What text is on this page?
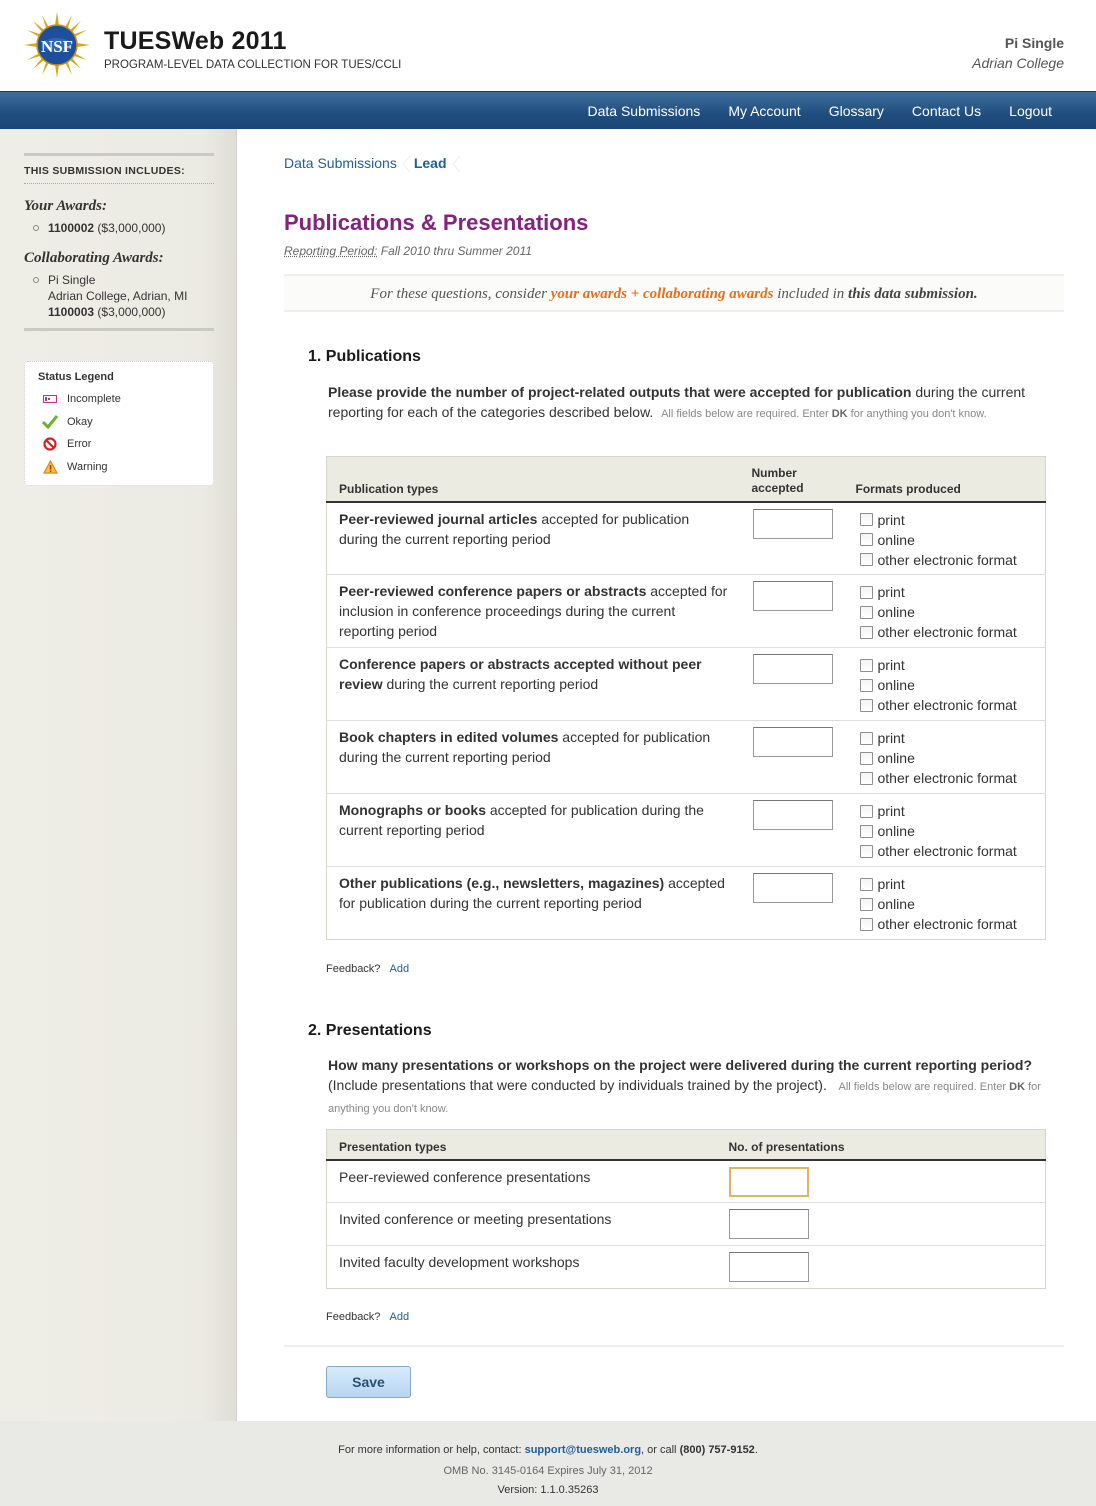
NSF TUESWeb 2011
PROGRAM-LEVEL DATA COLLECTION FOR TUES/CCLI
Pi Single
Adrian College
Data Submissions	My Account	Glossary	Contact Us	Logout
THIS SUBMISSION INCLUDES:
Your Awards:
1100002 ($3,000,000)
Collaborating Awards:
Pi Single
Adrian College, Adrian, MI
1100003 ($3,000,000)
Status Legend
Incomplete
Okay
Error
Warning
Data Submissions	Lead
Publications & Presentations
Reporting Period: Fall 2010 thru Summer 2011
For these questions, consider your awards + collaborating awards included in this data submission.
1. Publications
Please provide the number of project-related outputs that were accepted for publication during the current reporting for each of the categories described below. All fields below are required. Enter DK for anything you don't know.
Publication types	Number accepted	Formats produced
Peer-reviewed journal articles accepted for publication during the current reporting period		print
online
other electronic format

Peer-reviewed conference papers or abstracts accepted for inclusion in conference proceedings during the current reporting period		print
online
other electronic format

Conference papers or abstracts accepted without peer review during the current reporting period		print
online
other electronic format

Book chapters in edited volumes accepted for publication during the current reporting period		print
online
other electronic format

Monographs or books accepted for publication during the current reporting period		print
online
other electronic format

Other publications (e.g., newsletters, magazines) accepted for publication during the current reporting period		print
online
other electronic format
Feedback? Add
2. Presentations
How many presentations or workshops on the project were delivered during the current reporting period? (Include presentations that were conducted by individuals trained by the project). All fields below are required. Enter DK for anything you don't know.
Presentation types	No. of presentations
Peer-reviewed conference presentations	

Invited conference or meeting presentations	

Invited faculty development workshops	
Feedback? Add
Save
For more information or help, contact: support@tuesweb.org, or call (800) 757-9152.
OMB No. 3145-0164 Expires July 31, 2012
Version: 1.1.0.35263
